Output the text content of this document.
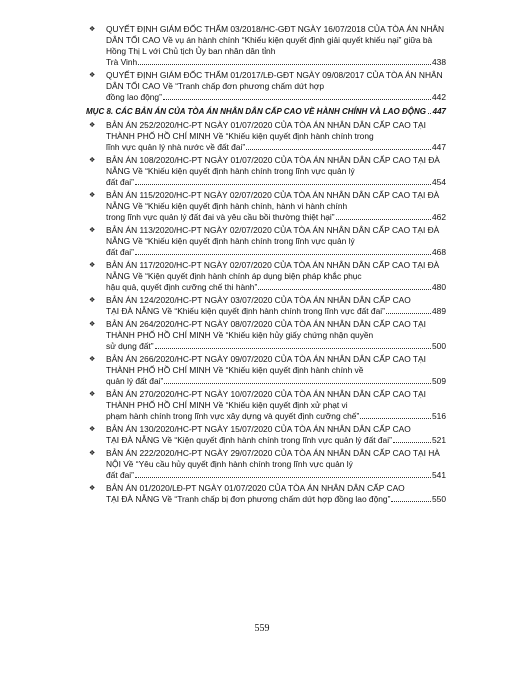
❖ QUYẾT ĐỊNH GIÁM ĐỐC THẨM 03/2018/HC-GĐT NGÀY 16/07/2018 CỦA TÒA ÁN NHÂN DÂN TỐI CAO Về vụ án hành chính “Khiếu kiện quyết định giải quyết khiếu nại” giữa bà Hồng Thị L với Chủ tịch Ủy ban nhân dân tỉnh
Trà Vinh	438
❖ QUYẾT ĐỊNH GIÁM ĐỐC THẨM 01/2017/LĐ-GĐT NGÀY 09/08/2017 CỦA TÒA ÁN NHÂN DÂN TỐI CAO Về “Tranh chấp đơn phương chấm dứt hợp
đồng lao động”	442
MỤC 8. CÁC BẢN ÁN CỦA TÒA ÁN NHÂN DÂN CẤP CAO VỀ HÀNH CHÍNH VÀ LAO ĐỘNG 447
❖ BẢN ÁN 252/2020/HC-PT NGÀY 01/07/2020 CỦA TÒA ÁN NHÂN DÂN CẤP CAO TẠI THÀNH PHỐ HỒ CHÍ MINH Về “Khiếu kiện quyết định hành chính trong
lĩnh vực quản lý nhà nước về đất đai”	447
❖ BẢN ÁN 108/2020/HC-PT NGÀY 01/07/2020 CỦA TÒA ÁN NHÂN DÂN CẤP CAO TẠI ĐÀ NẴNG Về “Khiếu kiện quyết định hành chính trong lĩnh vực quản lý
đất đai”	454
❖ BẢN ÁN 115/2020/HC-PT NGÀY 02/07/2020 CỦA TÒA ÁN NHÂN DÂN CẤP CAO TẠI ĐÀ NẴNG Về “Khiếu kiện quyết định hành chính, hành vi hành chính
trong lĩnh vực quản lý đất đai và yêu cầu bồi thường thiệt hại”	462
❖ BẢN ÁN 113/2020/HC-PT NGÀY 02/07/2020 CỦA TÒA ÁN NHÂN DÂN CẤP CAO TẠI ĐÀ NẴNG Về “Khiếu kiện quyết định hành chính trong lĩnh vực quản lý
đất đai”	468
❖ BẢN ÁN 117/2020/HC-PT NGÀY 02/07/2020 CỦA TÒA ÁN NHÂN DÂN CẤP CAO TẠI ĐÀ NẴNG Về “Kiện quyết định hành chính áp dụng biện pháp khắc phục
hậu quả, quyết định cưỡng chế thi hành”	480
❖ BẢN ÁN 124/2020/HC-PT NGÀY 03/07/2020 CỦA TÒA ÁN NHÂN DÂN CẤP CAO
TẠI ĐÀ NẴNG Về “Khiếu kiện quyết định hành chính trong lĩnh vực đất đai”	489
❖ BẢN ÁN 264/2020/HC-PT NGÀY 08/07/2020 CỦA TÒA ÁN NHÂN DÂN CẤP CAO TẠI THÀNH PHỐ HỒ CHÍ MINH Về “Khiếu kiện hủy giấy chứng nhận quyền
sử dụng đất”	500
❖ BẢN ÁN 266/2020/HC-PT NGÀY 09/07/2020 CỦA TÒA ÁN NHÂN DÂN CẤP CAO TẠI THÀNH PHỐ HỒ CHÍ MINH Về “Khiếu kiện quyết định hành chính về
quản lý đất đai”	509
❖ BẢN ÁN 270/2020/HC-PT NGÀY 10/07/2020 CỦA TÒA ÁN NHÂN DÂN CẤP CAO TẠI THÀNH PHỐ HỒ CHÍ MINH Về “Khiếu kiện quyết định xử phạt vi
phạm hành chính trong lĩnh vực xây dựng và quyết định cưỡng chế”	516
❖ BẢN ÁN 130/2020/HC-PT NGÀY 15/07/2020 CỦA TÒA ÁN NHÂN DÂN CẤP CAO
TẠI ĐÀ NẴNG Về “Kiện quyết định hành chính trong lĩnh vực quản lý đất đai”	521
❖ BẢN ÁN 222/2020/HC-PT NGÀY 29/07/2020 CỦA TÒA ÁN NHÂN DÂN CẤP CAO TẠI HÀ NỘI Về “Yêu cầu hủy quyết định hành chính trong lĩnh vực quản lý
đất đai”	541
❖ BẢN ÁN 01/2020/LĐ-PT NGÀY 01/07/2020 CỦA TÒA ÁN NHÂN DÂN CẤP CAO
TẠI ĐÀ NẴNG Về “Tranh chấp bị đơn phương chấm dứt hợp đồng lao động”	550
559
